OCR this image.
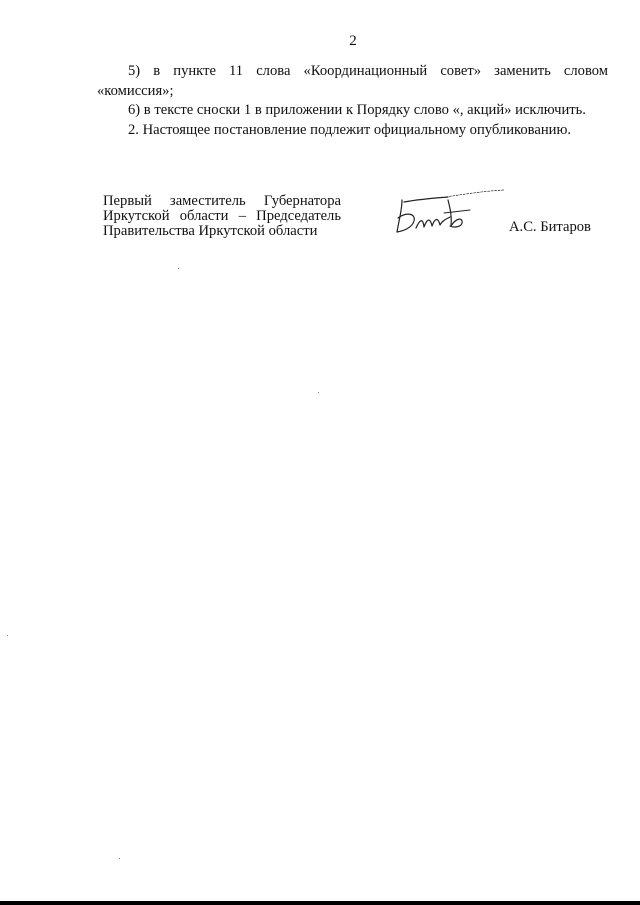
2

5) в пункте 11 слова «Координационный совет» заменить словом «комиссия»;

6) в тексте сноски 1 в приложении к Порядку слово «, акций» исключить.

2. Настоящее постановление подлежит официальному опубликованию.

Первый заместитель Губернатора
Иркутской области – Председатель
Правительства Иркутской области	А.С. Битаров
